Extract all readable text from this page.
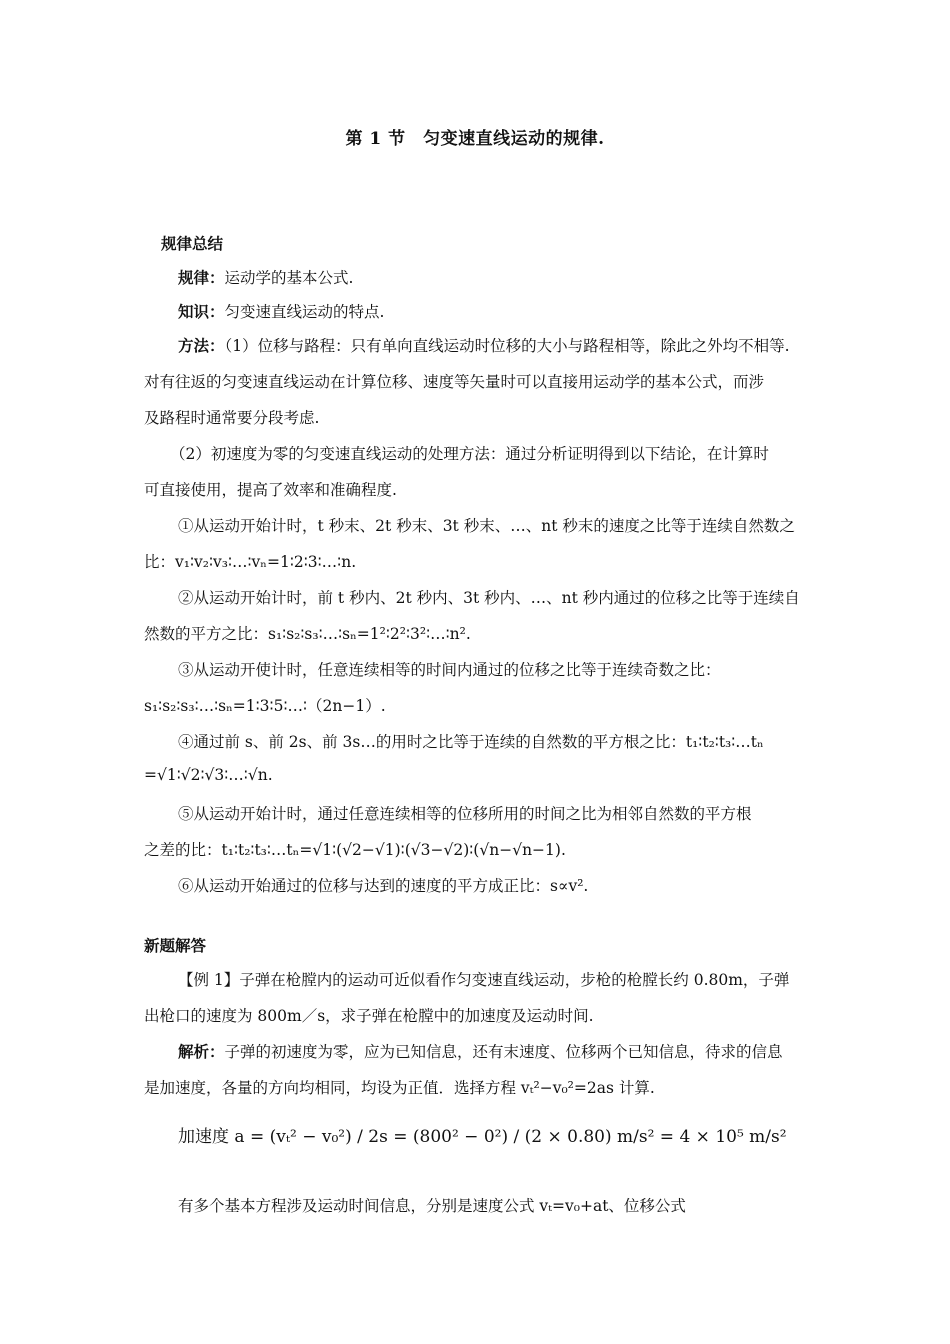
第 1 节　匀变速直线运动的规律.
规律总结
规律：运动学的基本公式.
知识：匀变速直线运动的特点.
方法：（1）位移与路程：只有单向直线运动时位移的大小与路程相等，除此之外均不相等.
对有往返的匀变速直线运动在计算位移、速度等矢量时可以直接用运动学的基本公式，而涉
及路程时通常要分段考虑.
（2）初速度为零的匀变速直线运动的处理方法：通过分析证明得到以下结论，在计算时
可直接使用，提高了效率和准确程度.
①从运动开始计时，t 秒末、2t 秒末、3t 秒末、…、nt 秒末的速度之比等于连续自然数之
比：v₁∶v₂∶v₃∶…∶vₙ=1∶2∶3∶…∶n.
②从运动开始计时，前 t 秒内、2t 秒内、3t 秒内、…、nt 秒内通过的位移之比等于连续自
然数的平方之比：s₁∶s₂∶s₃∶…∶sₙ=1²∶2²∶3²∶…∶n².
③从运动开使计时，任意连续相等的时间内通过的位移之比等于连续奇数之比：
s₁∶s₂∶s₃∶…∶sₙ=1∶3∶5∶…∶（2n−1）.
④通过前 s、前 2s、前 3s…的用时之比等于连续的自然数的平方根之比：t₁∶t₂∶t₃∶…tₙ
=√1∶√2∶√3∶…∶√n.
⑤从运动开始计时，通过任意连续相等的位移所用的时间之比为相邻自然数的平方根
之差的比：t₁∶t₂∶t₃∶…tₙ=√1∶(√2−√1)∶(√3−√2)∶(√n−√n−1).
⑥从运动开始通过的位移与达到的速度的平方成正比：s∝v².
新题解答
【例 1】子弹在枪膛内的运动可近似看作匀变速直线运动，步枪的枪膛长约 0.80m，子弹
出枪口的速度为 800m／s，求子弹在枪膛中的加速度及运动时间.
解析：子弹的初速度为零，应为已知信息，还有末速度、位移两个已知信息，待求的信息
是加速度，各量的方向均相同，均设为正值．选择方程 vₜ²−v₀²=2as 计算.
加速度 a = (vₜ² − v₀²) / 2s = (800² − 0²) / (2 × 0.80) m/s² = 4 × 10⁵ m/s²
有多个基本方程涉及运动时间信息，分别是速度公式 vₜ=v₀+at、位移公式
